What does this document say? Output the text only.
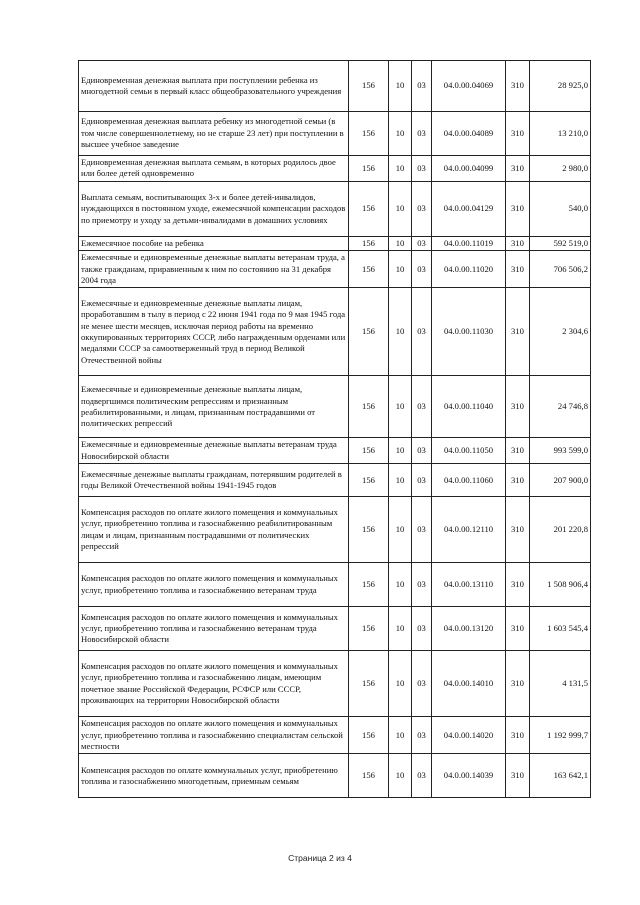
Единовременная денежная выплата при поступлении ребенка из многодетной семьи в первый класс общеобразовательного учреждения	156	10	03	04.0.00.04069	310	28 925,0
Единовременная денежная выплата ребенку из многодетной семьи (в том числе совершеннолетнему, но не старше 23 лет) при поступлении в высшее учебное заведение	156	10	03	04.0.00.04089	310	13 210,0
Единовременная денежная выплата семьям, в которых родилось двое или более детей одновременно	156	10	03	04.0.00.04099	310	2 980,0
Выплата семьям, воспитывающих 3-х и более детей-инвалидов, нуждающихся в постоянном уходе, ежемесячной компенсации расходов по приемотру и уходу за детьми-инвалидами в домашних условиях	156	10	03	04.0.00.04129	310	540,0
Ежемесячное пособие на ребенка	156	10	03	04.0.00.11019	310	592 519,0
Ежемесячные и единовременные денежные выплаты ветеранам труда, а также гражданам, приравненным к ним по состоянию на 31 декабря 2004 года	156	10	03	04.0.00.11020	310	706 506,2
Ежемесячные и единовременные денежные выплаты лицам, проработавшим в тылу в период с 22 июня 1941 года по 9 мая 1945 года не менее шести месяцев, исключая период работы на временно оккупированных территориях СССР, либо награжденным орденами или медалями СССР за самоотверженный труд в период Великой Отечественной войны	156	10	03	04.0.00.11030	310	2 304,6
Ежемесячные и единовременные денежные выплаты лицам, подвергшимся политическим репрессиям и признанным реабилитированными, и лицам, признанным пострадавшими от политических репрессий	156	10	03	04.0.00.11040	310	24 746,8
Ежемесячные и единовременные денежные выплаты ветеранам труда Новосибирской области	156	10	03	04.0.00.11050	310	993 599,0
Ежемесячные денежные выплаты гражданам, потерявшим родителей в годы Великой Отечественной войны 1941-1945 годов	156	10	03	04.0.00.11060	310	207 900,0
Компенсация расходов по оплате жилого помещения и коммунальных услуг, приобретению топлива и газоснабжению реабилитированным лицам и лицам, признанным пострадавшими от политических репрессий	156	10	03	04.0.00.12110	310	201 220,8
Компенсация расходов по оплате жилого помещения и коммунальных услуг, приобретению топлива и газоснабжению ветеранам труда	156	10	03	04.0.00.13110	310	1 508 906,4
Компенсация расходов по оплате жилого помещения и коммунальных услуг, приобретению топлива и газоснабжению ветеранам труда Новосибирской области	156	10	03	04.0.00.13120	310	1 603 545,4
Компенсация расходов по оплате жилого помещения и коммунальных услуг, приобретению топлива и газоснабжению лицам, имеющим почетное звание Российской Федерации, РСФСР или СССР, проживающих на территории Новосибирской области	156	10	03	04.0.00.14010	310	4 131,5
Компенсация расходов по оплате жилого помещения и коммунальных услуг, приобретению топлива и газоснабжению специалистам сельской местности	156	10	03	04.0.00.14020	310	1 192 999,7
Компенсация расходов по оплате коммунальных услуг, приобретению топлива и газоснабжению многодетным, приемным семьям	156	10	03	04.0.00.14039	310	163 642,1
Страница 2 из 4
